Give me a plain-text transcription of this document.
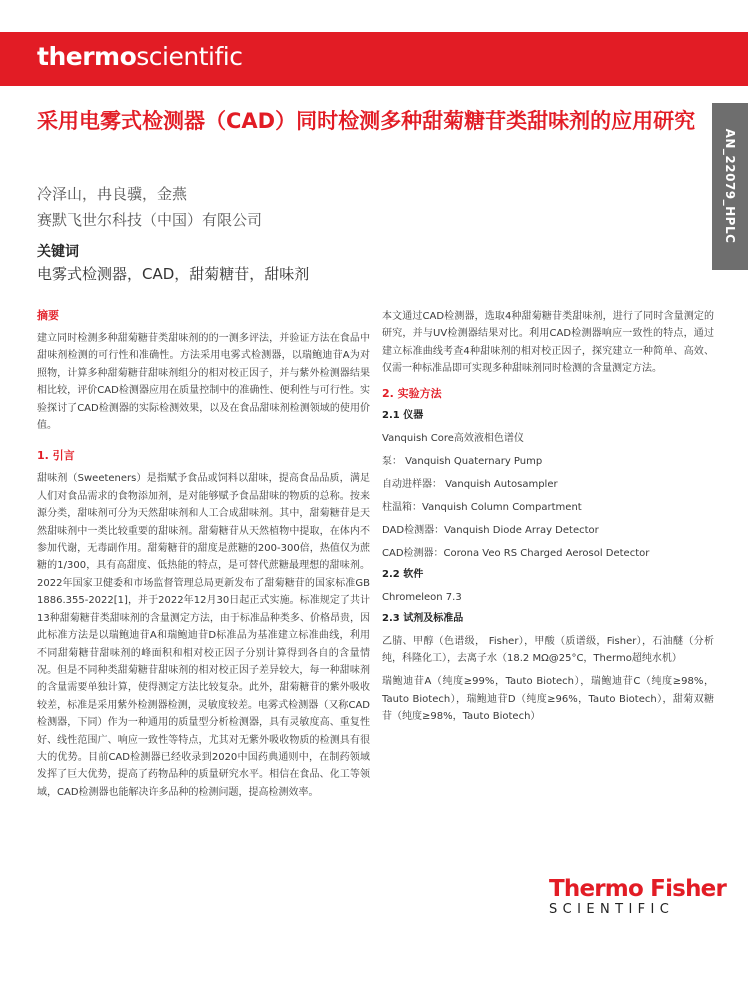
thermoscientific
AN_22079_HPLC
采用电雾式检测器（CAD）同时检测多种甜菊糖苷类甜味剂的应用研究

冷泽山，冉良骥，金燕

赛默飞世尔科技（中国）有限公司

关键词

电雾式检测器，CAD，甜菊糖苷，甜味剂

摘要

建立同时检测多种甜菊糖苷类甜味剂的的一测多评法，并验证方法在食品中甜味剂检测的可行性和准确性。方法采用电雾式检测器，以瑞鲍迪苷A为对照物，计算多种甜菊糖苷甜味剂组分的相对校正因子，并与紫外检测器结果相比较，评价CAD检测器应用在质量控制中的准确性、便利性与可行性。实验探讨了CAD检测器的实际检测效果，以及在食品甜味剂检测领域的使用价值。

1. 引言

甜味剂（Sweeteners）是指赋予食品或饲料以甜味，提高食品品质，满足人们对食品需求的食物添加剂，是对能够赋予食品甜味的物质的总称。按来源分类，甜味剂可分为天然甜味剂和人工合成甜味剂。其中，甜菊糖苷是天然甜味剂中一类比较重要的甜味剂。甜菊糖苷从天然植物中提取，在体内不参加代谢，无毒副作用。甜菊糖苷的甜度是蔗糖的200-300倍，热值仅为蔗糖的1/300，具有高甜度、低热能的特点，是可替代蔗糖最理想的甜味剂。2022年国家卫健委和市场监督管理总局更新发布了甜菊糖苷的国家标准GB 1886.355-2022[1]，并于2022年12月30日起正式实施。标准规定了共计13种甜菊糖苷类甜味剂的含量测定方法，由于标准品种类多、价格昂贵，因此标准方法是以瑞鲍迪苷A和瑞鲍迪苷D标准品为基准建立标准曲线，利用不同甜菊糖苷甜味剂的峰面积和相对校正因子分别计算得到各自的含量情况。但是不同种类甜菊糖苷甜味剂的相对校正因子差异较大，每一种甜味剂的含量需要单独计算，使得测定方法比较复杂。此外，甜菊糖苷的紫外吸收较差，标准是采用紫外检测器检测，灵敏度较差。电雾式检测器（又称CAD检测器，下同）作为一种通用的质量型分析检测器，具有灵敏度高、重复性好、线性范围广、响应一致性等特点，尤其对无紫外吸收物质的检测具有很大的优势。目前CAD检测器已经收录到2020中国药典通则中，在制药领域发挥了巨大优势，提高了药物品种的质量研究水平。相信在食品、化工等领域，CAD检测器也能解决许多品种的检测问题，提高检测效率。

本文通过CAD检测器，选取4种甜菊糖苷类甜味剂，进行了同时含量测定的研究，并与UV检测器结果对比。利用CAD检测器响应一致性的特点，通过建立标准曲线考查4种甜味剂的相对校正因子，探究建立一种简单、高效、仅需一种标准品即可实现多种甜味剂同时检测的含量测定方法。

2. 实验方法

2.1 仪器

Vanquish Core高效液相色谱仪

泵： Vanquish Quaternary Pump

自动进样器： Vanquish Autosampler

柱温箱：Vanquish Column Compartment

DAD检测器：Vanquish Diode Array Detector

CAD检测器：Corona Veo RS Charged Aerosol Detector

2.2 软件

Chromeleon 7.3

2.3 试剂及标准品

乙腈、甲醇（色谱级， Fisher），甲酸（质谱级，Fisher），石油醚（分析纯，科隆化工），去离子水（18.2 MΩ@25°C，Thermo超纯水机）

瑞鲍迪苷A（纯度≥99%，Tauto Biotech），瑞鲍迪苷C（纯度≥98%，Tauto Biotech），瑞鲍迪苷D（纯度≥96%，Tauto Biotech），甜菊双糖苷（纯度≥98%，Tauto Biotech）

Thermo Fisher
SCIENTIFIC
